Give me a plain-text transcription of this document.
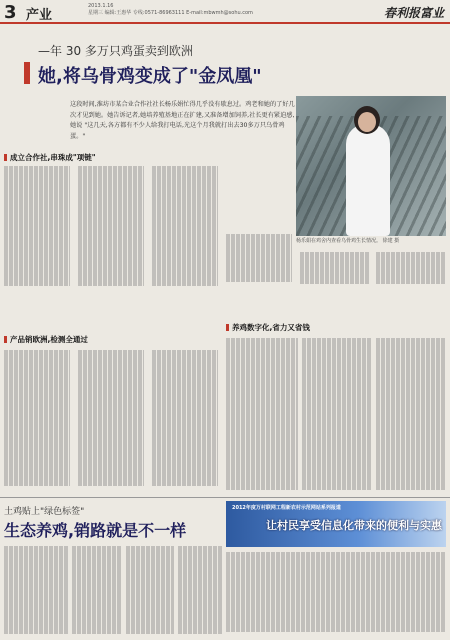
3 产业
2013.1.16
星期三 编辑:王惠华 专线:0571-86963111 E-mail:mbwmh@sohu.com	春利报富业
—年 30 多万只鸡蛋卖到欧洲
她,将乌骨鸡变成了"金凤凰"
这段时间,淮坊市某合业合作社社长杨乐娟忙得几乎没有歇息过。鸡老和她的了好几次才见到她。她告诉记者,她培养殖基地正在扩建,又准备增加饲养,社长更有紧迫感,她说 "这几天,各方都有不少人给我打电话,光这个月我就打出去30多万只乌骨鸡蛋。"
杨乐娟在鸡舍内查看乌骨鸡生长情况。 徐建 摄
成立合作社,串珠成"项链"
产品销欧洲,检测全通过
养鸡数字化,省力又省钱
土鸡贴上"绿色标签"
生态养鸡,销路就是不一样
2012年度万村联网工程新农村示范网站系列报道
让村民享受信息化带来的便利与实惠
